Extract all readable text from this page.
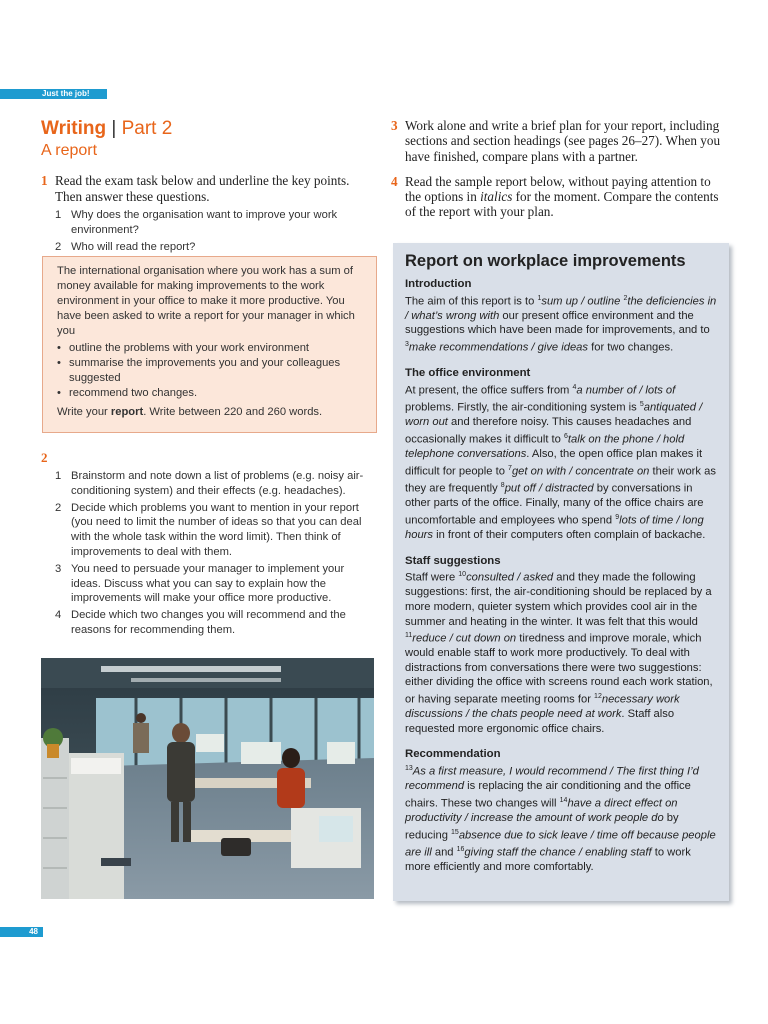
Just the job!
Writing | Part 2
A report
1 Read the exam task below and underline the key points. Then answer these questions.
1 Why does the organisation want to improve your work environment?
2 Who will read the report?
The international organisation where you work has a sum of money available for making improvements to the work environment in your office to make it more productive. You have been asked to write a report for your manager in which you
• outline the problems with your work environment
• summarise the improvements you and your colleagues suggested
• recommend two changes.
Write your report. Write between 220 and 260 words.
2
1 Brainstorm and note down a list of problems (e.g. noisy air-conditioning system) and their effects (e.g. headaches).
2 Decide which problems you want to mention in your report (you need to limit the number of ideas so that you can deal with the whole task within the word limit). Then think of improvements to deal with them.
3 You need to persuade your manager to implement your ideas. Discuss what you can say to explain how the improvements will make your office more productive.
4 Decide which two changes you will recommend and the reasons for recommending them.
3 Work alone and write a brief plan for your report, including sections and section headings (see pages 26–27). When you have finished, compare plans with a partner.
4 Read the sample report below, without paying attention to the options in italics for the moment. Compare the contents of the report with your plan.
Report on workplace improvements
Introduction
The aim of this report is to $^1$sum up / outline $^2$the deficiencies in / what’s wrong with our present office environment and the suggestions which have been made for improvements, and to $^3$make recommendations / give ideas for two changes.
The office environment
At present, the office suffers from $^4$a number of / lots of problems. Firstly, the air-conditioning system is $^5$antiquated / worn out and therefore noisy. This causes headaches and occasionally makes it difficult to $^6$talk on the phone / hold telephone conversations. Also, the open office plan makes it difficult for people to $^7$get on with / concentrate on their work as they are frequently $^8$put off / distracted by conversations in other parts of the office. Finally, many of the office chairs are uncomfortable and employees who spend $^9$lots of time / long hours in front of their computers often complain of backache.
Staff suggestions
Staff were $^{10}$consulted / asked and they made the following suggestions: first, the air-conditioning should be replaced by a more modern, quieter system which provides cool air in the summer and heating in the winter. It was felt that this would $^{11}$reduce / cut down on tiredness and improve morale, which would enable staff to work more productively. To deal with distractions from conversations there were two suggestions: either dividing the office with screens round each work station, or having separate meeting rooms for $^{12}$necessary work discussions / the chats people need at work. Staff also requested more ergonomic office chairs.
Recommendation
$^{13}$As a first measure, I would recommend / The first thing I’d recommend is replacing the air conditioning and the office chairs. These two changes will $^{14}$have a direct effect on productivity / increase the amount of work people do by reducing $^{15}$absence due to sick leave / time off because people are ill and $^{16}$giving staff the chance / enabling staff to work more efficiently and more comfortably.
48
